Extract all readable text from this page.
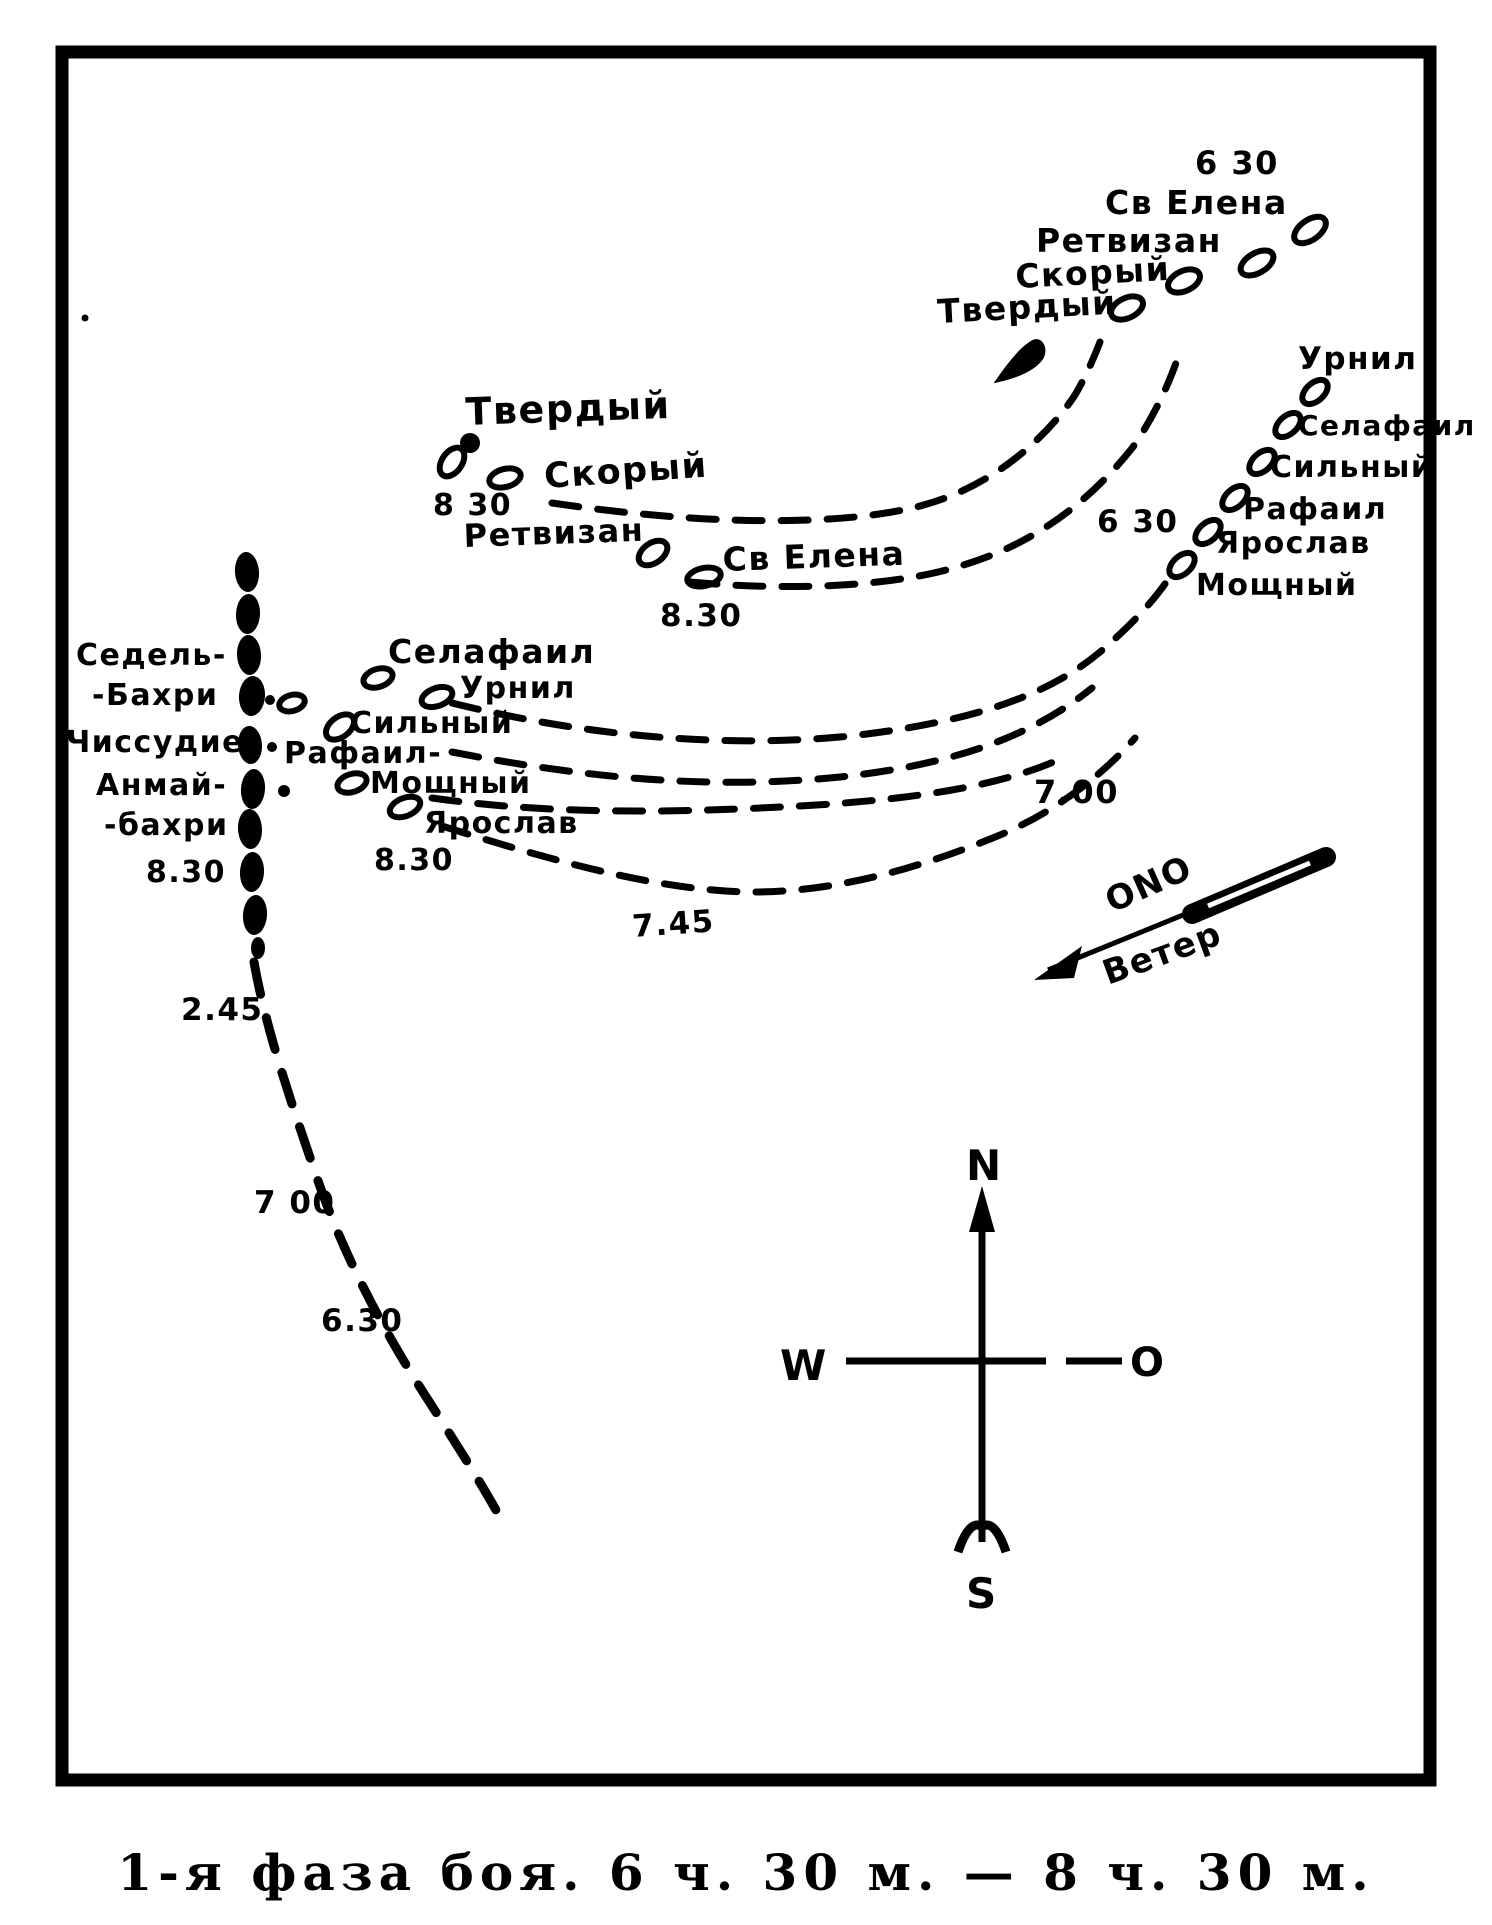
N
W	O
S
6 30
Св Елена
Ретвизан
Скорый
Твердый
Урнил
Селафаил
Сильный
Рафаил
Ярослав
Мощный
6 30
7.00
Твердый
8 30
Скорый
Ретвизан
Св Елена
8.30
Селафаил
Урнил
Сильный
Рафаил-
Мощный
Ярослав
8.30
Седель-
-Бахри
Чиссудие
Анмай-
-бахри
8.30
2.45
7 00
6.30
7.45
ONO
Ветер
1-я фаза боя. 6 ч. 30 м. — 8 ч. 30 м.
